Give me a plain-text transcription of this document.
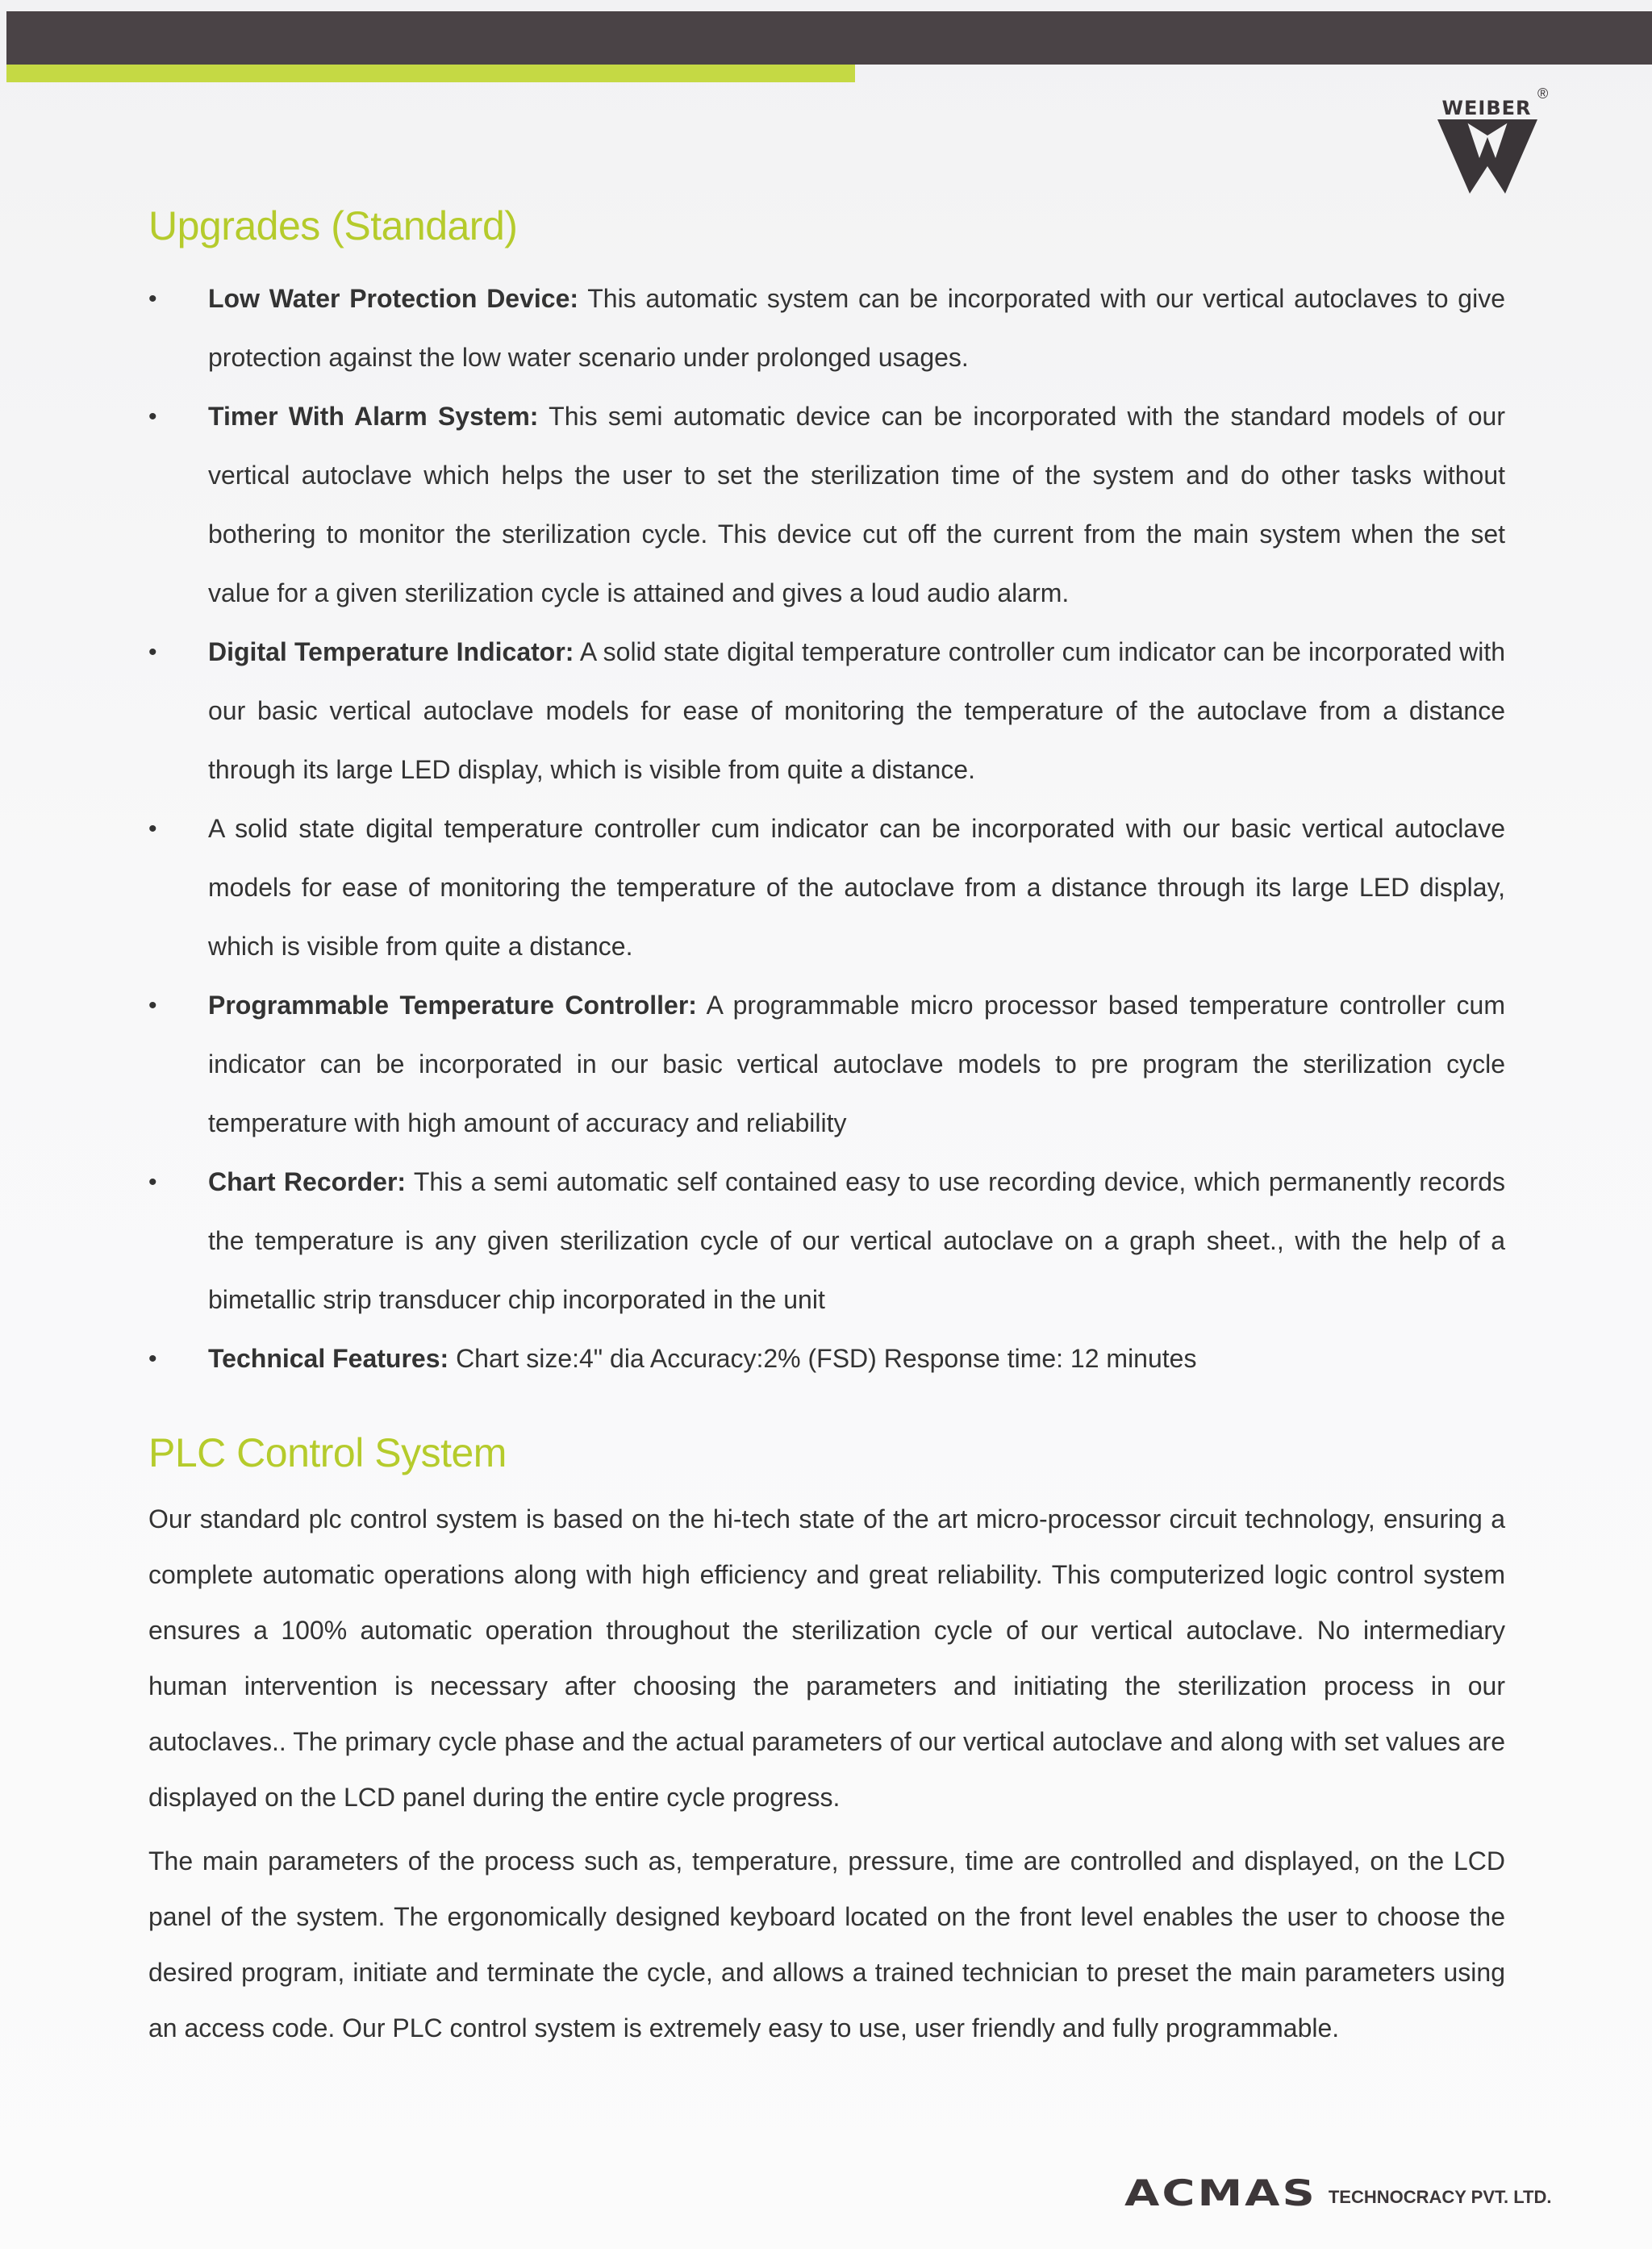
®
WEIBER
Upgrades (Standard)
• Low Water Protection Device: This automatic system can be incorporated with our vertical autoclaves to give protection against the low water scenario under prolonged usages.
• Timer With Alarm System: This semi automatic device can be incorporated with the standard models of our vertical autoclave which helps the user to set the sterilization time of the system and do other tasks without bothering to monitor the sterilization cycle. This device cut off the current from the main system when the set value for a given sterilization cycle is attained and gives a loud audio alarm.
• Digital Temperature Indicator: A solid state digital temperature controller cum indicator can be incorporated with our basic vertical autoclave models for ease of monitoring the temperature of the autoclave from a distance through its large LED display, which is visible from quite a distance.
• A solid state digital temperature controller cum indicator can be incorporated with our basic vertical autoclave models for ease of monitoring the temperature of the autoclave from a distance through its large LED display, which is visible from quite a distance.
• Programmable Temperature Controller: A programmable micro processor based temperature controller cum indicator can be incorporated in our basic vertical autoclave models to pre program the sterilization cycle temperature with high amount of accuracy and reliability
• Chart Recorder: This a semi automatic self contained easy to use recording device, which permanently records the temperature is any given sterilization cycle of our vertical autoclave on a graph sheet., with the help of a bimetallic strip transducer chip incorporated in the unit
• Technical Features: Chart size:4" dia Accuracy:2% (FSD) Response time: 12 minutes
PLC Control System

Our standard plc control system is based on the hi-tech state of the art micro-processor circuit technology, ensuring a complete automatic operations along with high efficiency and great reliability. This computerized logic control system ensures a 100% automatic operation throughout the sterilization cycle of our vertical autoclave. No intermediary human intervention is necessary after choosing the parameters and initiating the sterilization process in our autoclaves.. The primary cycle phase and the actual parameters of our vertical autoclave and along with set values are displayed on the LCD panel during the entire cycle progress.

The main parameters of the process such as, temperature, pressure, time are controlled and displayed, on the LCD panel of the system. The ergonomically designed keyboard located on the front level enables the user to choose the desired program, initiate and terminate the cycle, and allows a trained technician to preset the main parameters using an access code. Our PLC control system is extremely easy to use, user friendly and fully programmable.

ACMAS TECHNOCRACY PVT. LTD.
